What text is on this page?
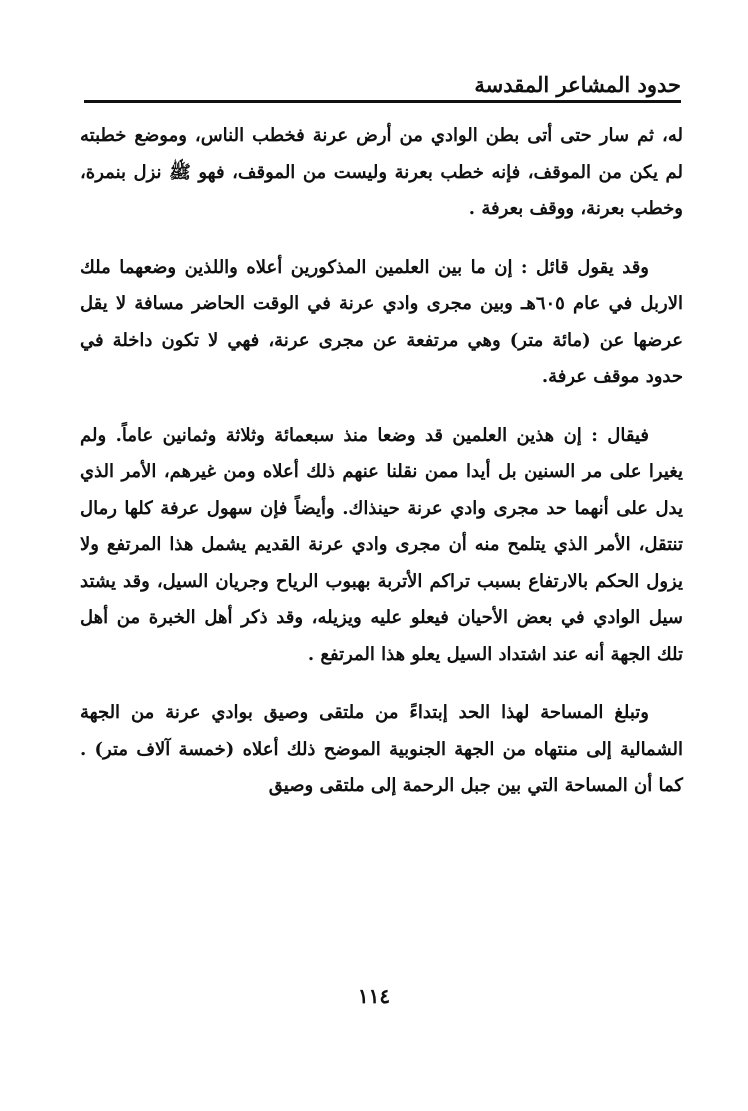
حدود المشاعر المقدسة

له، ثم سار حتى أتى بطن الوادي من أرض عرنة فخطب الناس، وموضع خطبته لم يكن من الموقف، فإنه خطب بعرنة وليست من الموقف، فهو ﷺ نزل بنمرة، وخطب بعرنة، ووقف بعرفة .

وقد يقول قائل : إن ما بين العلمين المذكورين أعلاه واللذين وضعهما ملك الاربل في عام ٦٠٥هـ وبين مجرى وادي عرنة في الوقت الحاضر مسافة لا يقل عرضها عن (مائة متر) وهي مرتفعة عن مجرى عرنة، فهي لا تكون داخلة في حدود موقف عرفة.

فيقال : إن هذين العلمين قد وضعا منذ سبعمائة وثلاثة وثمانين عاماً. ولم يغيرا على مر السنين بل أيدا ممن نقلنا عنهم ذلك أعلاه ومن غيرهم، الأمر الذي يدل على أنهما حد مجرى وادي عرنة حينذاك. وأيضاً فإن سهول عرفة كلها رمال تنتقل، الأمر الذي يتلمح منه أن مجرى وادي عرنة القديم يشمل هذا المرتفع ولا يزول الحكم بالارتفاع بسبب تراكم الأتربة بهبوب الرياح وجريان السيل، وقد يشتد سيل الوادي في بعض الأحيان فيعلو عليه ويزيله، وقد ذكر أهل الخبرة من أهل تلك الجهة أنه عند اشتداد السيل يعلو هذا المرتفع .

وتبلغ المساحة لهذا الحد إبتداءً من ملتقى وصيق بوادي عرنة من الجهة الشمالية إلى منتهاه من الجهة الجنوبية الموضح ذلك أعلاه (خمسة آلاف متر) . كما أن المساحة التي بين جبل الرحمة إلى ملتقى وصيق

١١٤
